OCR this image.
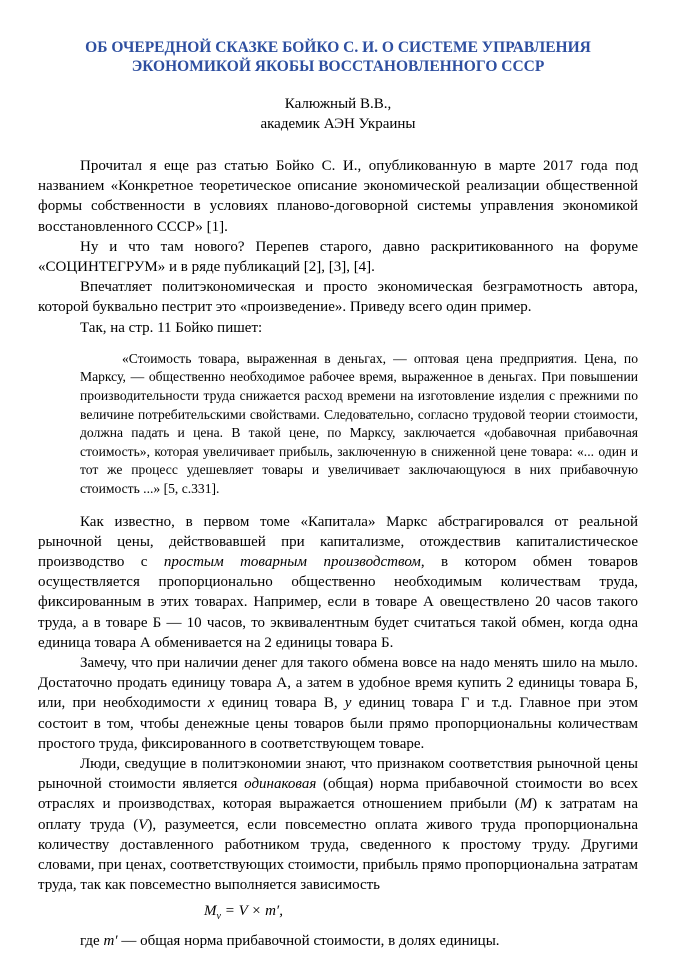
ОБ ОЧЕРЕДНОЙ СКАЗКЕ БОЙКО С. И. О СИСТЕМЕ УПРАВЛЕНИЯ
ЭКОНОМИКОЙ ЯКОБЫ ВОССТАНОВЛЕННОГО СССР
Калюжный В.В.,
академик АЭН Украины

Прочитал я еще раз статью Бойко С. И., опубликованную в марте 2017 года под названием «Конкретное теоретическое описание экономической реализации общественной формы собственности в условиях планово-договорной системы управления экономикой восстановленного СССР» [1].

Ну и что там нового? Перепев старого, давно раскритикованного на форуме «СОЦИНТЕГРУМ» и в ряде публикаций [2], [3], [4].

Впечатляет политэкономическая и просто экономическая безграмотность автора, которой буквально пестрит это «произведение». Приведу всего один пример.

Так, на стр. 11 Бойко пишет:

«Стоимость товара, выраженная в деньгах, — оптовая цена предприятия. Цена, по Марксу, — общественно необходимое рабочее время, выраженное в деньгах. При повышении производительности труда снижается расход времени на изготовление изделия с прежними по величине потребительскими свойствами. Следовательно, согласно трудовой теории стоимости, должна падать и цена. В такой цене, по Марксу, заключается «добавочная прибавочная стоимость», которая увеличивает прибыль, заключенную в сниженной цене товара: «... один и тот же процесс удешевляет товары и увеличивает заключающуюся в них прибавочную стоимость ...» [5, с.331].

Как известно, в первом томе «Капитала» Маркс абстрагировался от реальной рыночной цены, действовавшей при капитализме, отождествив капиталистическое производство с простым товарным производством, в котором обмен товаров осуществляется пропорционально общественно необходимым количествам труда, фиксированным в этих товарах. Например, если в товаре А овеществлено 20 часов такого труда, а в товаре Б — 10 часов, то эквивалентным будет считаться такой обмен, когда одна единица товара А обменивается на 2 единицы товара Б.

Замечу, что при наличии денег для такого обмена вовсе на надо менять шило на мыло. Достаточно продать единицу товара А, а затем в удобное время купить 2 единицы товара Б, или, при необходимости x единиц товара В, y единиц товара Г и т.д. Главное при этом состоит в том, чтобы денежные цены товаров были прямо пропорциональны количествам простого труда, фиксированного в соответствующем товаре.

Люди, сведущие в политэкономии знают, что признаком соответствия рыночной цены рыночной стоимости является одинаковая (общая) норма прибавочной стоимости во всех отраслях и производствах, которая выражается отношением прибыли (M) к затратам на оплату труда (V), разумеется, если повсеместно оплата живого труда пропорциональна количеству доставленного работником труда, сведенного к простому труду. Другими словами, при ценах, соответствующих стоимости, прибыль прямо пропорциональна затратам труда, так как повсеместно выполняется зависимость

$M_v = V \times m'$,

где m′ — общая норма прибавочной стоимости, в долях единицы.
